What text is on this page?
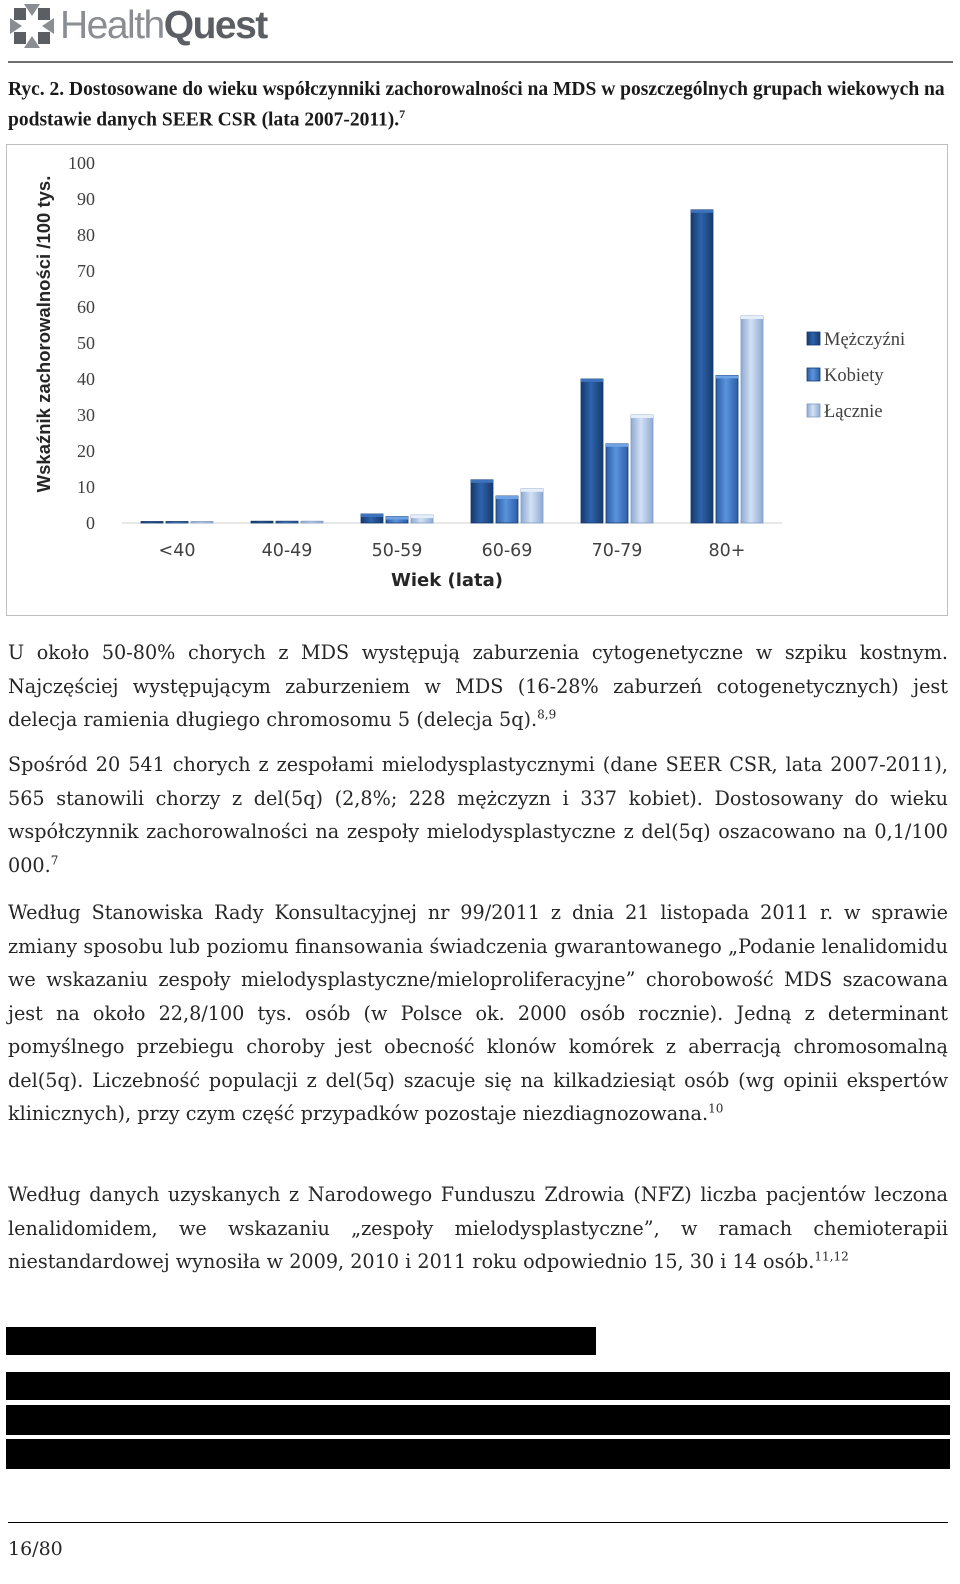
HealthQuest
Ryc. 2. Dostosowane do wieku współczynniki zachorowalności na MDS w poszczególnych grupach wiekowych na podstawie danych SEER CSR (lata 2007-2011).$^7$
0
10
20
30
40
50
60
70
80
90
100
Wskaźnik zachorowalności /100 tys.
<40	40-49	50-59	60-69	70-79	80+
Wiek (lata)
Mężczyźni
Kobiety
Łącznie

U około 50-80% chorych z MDS występują zaburzenia cytogenetyczne w szpiku kostnym. Najczęściej występującym zaburzeniem w MDS (16-28% zaburzeń cotogenetycznych) jest delecja ramienia długiego chromosomu 5 (delecja 5q).$^{8,9}$

Spośród 20 541 chorych z zespołami mielodysplastycznymi (dane SEER CSR, lata 2007-2011), 565 stanowili chorzy z del(5q) (2,8%; 228 mężczyzn i 337 kobiet). Dostosowany do wieku współczynnik zachorowalności na zespoły mielodysplastyczne z del(5q) oszacowano na 0,1/100 000.$^7$

Według Stanowiska Rady Konsultacyjnej nr 99/2011 z dnia 21 listopada 2011 r. w sprawie zmiany sposobu lub poziomu finansowania świadczenia gwarantowanego „Podanie lenalidomidu we wskazaniu zespoły mielodysplastyczne/mieloproliferacyjne” chorobowość MDS szacowana jest na około 22,8/100 tys. osób (w Polsce ok. 2000 osób rocznie). Jedną z determinant pomyślnego przebiegu choroby jest obecność klonów komórek z aberracją chromosomalną del(5q). Liczebność populacji z del(5q) szacuje się na kilkadziesiąt osób (wg opinii ekspertów klinicznych), przy czym część przypadków pozostaje niezdiagnozowana.$^{10}$

Według danych uzyskanych z Narodowego Funduszu Zdrowia (NFZ) liczba pacjentów leczona lenalidomidem, we wskazaniu „zespoły mielodysplastyczne”, w ramach chemioterapii niestandardowej wynosiła w 2009, 2010 i 2011 roku odpowiednio 15, 30 i 14 osób.$^{11,12}$

16/80
